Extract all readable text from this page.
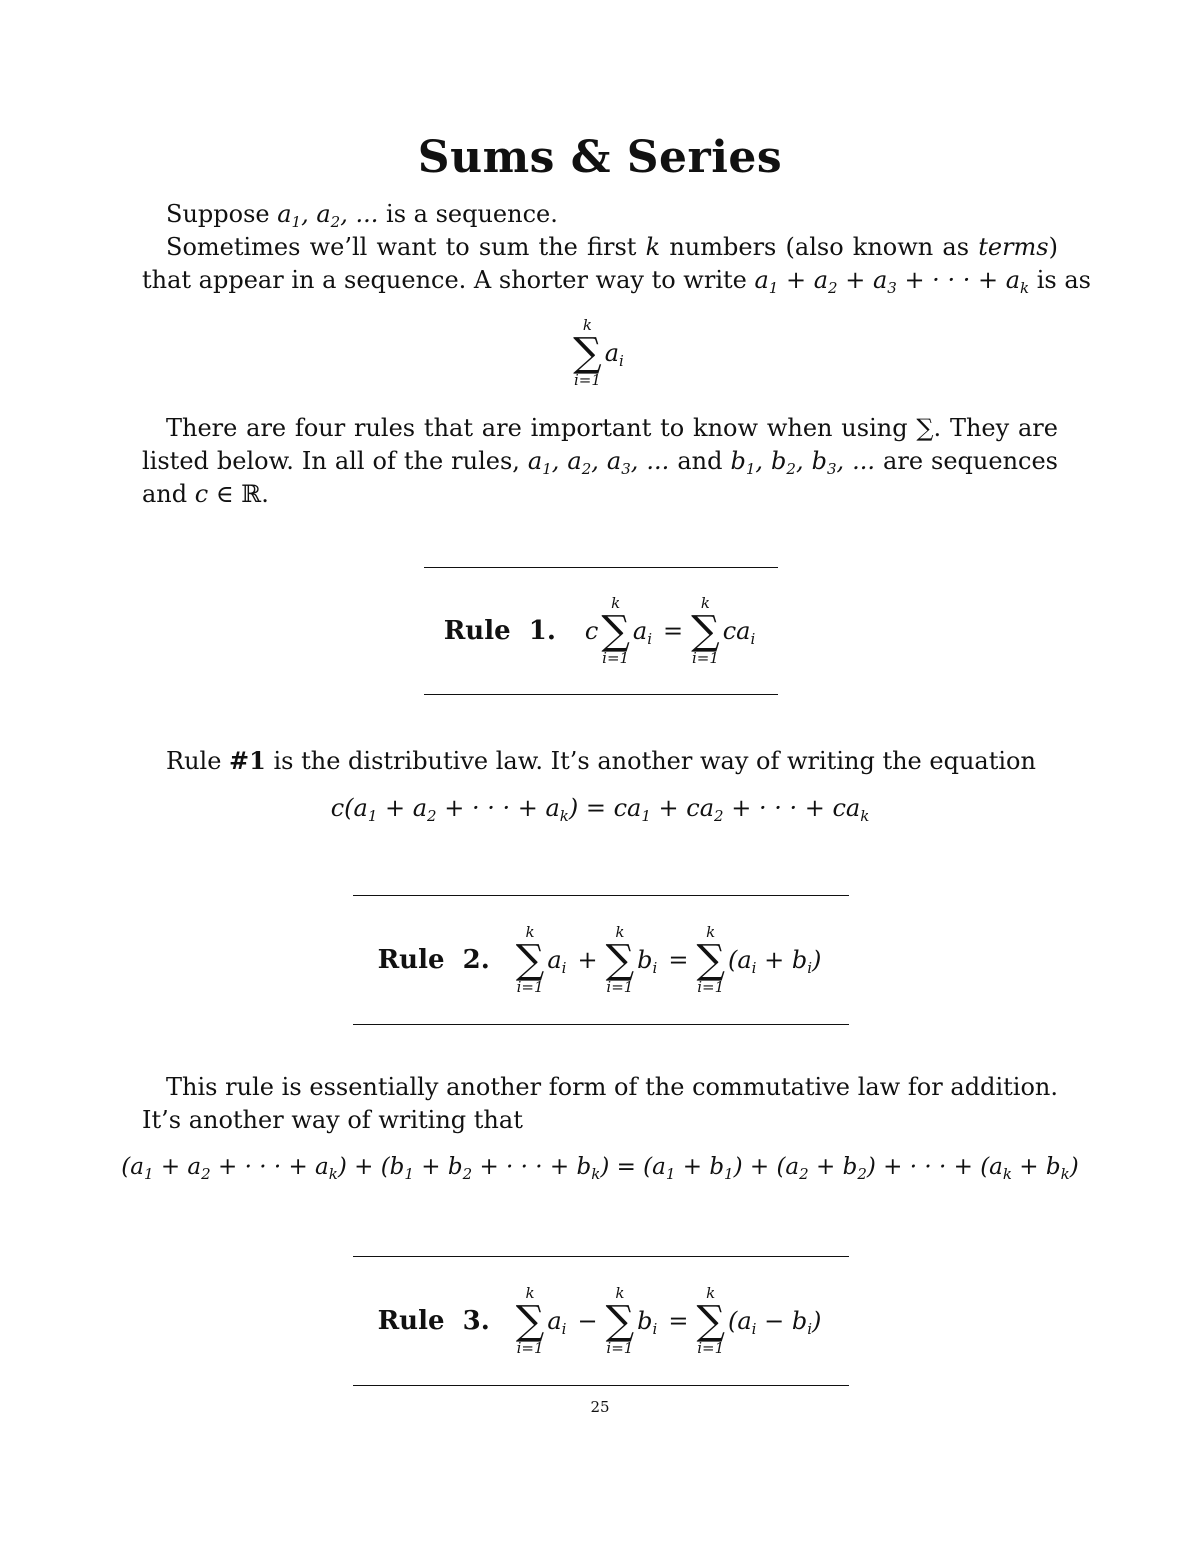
Sums & Series
Suppose $a_1$, $a_2$, ... is a sequence.
Sometimes we’ll want to sum the first k numbers (also known as terms)
that appear in a sequence. A shorter way to write $a_1 + a_2 + a_3$ + · · · + $a_k$ is as
k
∑
i=1
$a_i$
There are four rules that are important to know when using ∑. They are
listed below. In all of the rules, $a_1$, $a_2$, $a_3$, ... and $b_1$, $b_2$, $b_3$, ... are sequences
and c ∈ ℝ.
Rule 1. c
k
∑
i=1
$a_i$ =
k
∑
i=1
$ca_i$
Rule #1 is the distributive law. It’s another way of writing the equation
$c(a_1 + a_2$ + · · · + $a_k) = ca_1 + ca_2$ + · · · + $ca_k$
Rule 2.
k
∑
i=1
$a_i$ +
k
∑
i=1
$b_i$ =
k
∑
i=1
$(a_i + b_i)$
This rule is essentially another form of the commutative law for addition.
It’s another way of writing that
($a_1 + a_2$ + · · · + $a_k) + (b_1 + b_2$ + · · · + $b_k) = (a_1 + b_1) + (a_2 + b_2)$ + · · · + $(a_k + b_k)$
Rule 3.
k
∑
i=1
$a_i$ −
k
∑
i=1
$b_i$ =
k
∑
i=1
$(a_i - b_i)$
25
